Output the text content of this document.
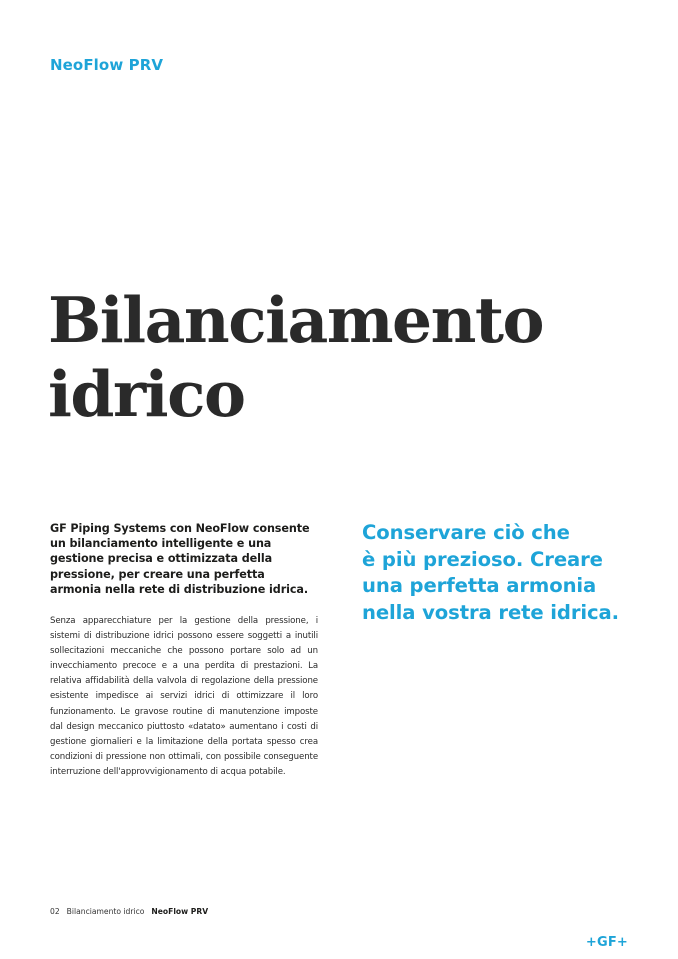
NeoFlow PRV
Bilanciamento
idrico

GF Piping Systems con NeoFlow consente un bilanciamento intelligente e una gestione precisa e ottimizzata della pressione, per creare una perfetta armonia nella rete di distribuzione idrica.

Senza apparecchiature per la gestione della pressione, i sistemi di distribuzione idrici possono essere soggetti a inutili sollecitazioni meccaniche che possono portare solo ad un invecchiamento precoce e a una perdita di prestazioni. La relativa affidabilità della valvola di regolazione della pressione esistente impedisce ai servizi idrici di ottimizzare il loro funzionamento. Le gravose routine di manutenzione imposte dal design meccanico piuttosto «datato» aumentano i costi di gestione giornalieri e la limitazione della portata spesso crea condizioni di pressione non ottimali, con possibile conseguente interruzione dell'approvvigionamento di acqua potabile.

Conservare ciò che
è più prezioso. Creare
una perfetta armonia
nella vostra rete idrica.
02 Bilanciamento idrico NeoFlow PRV
+GF+
